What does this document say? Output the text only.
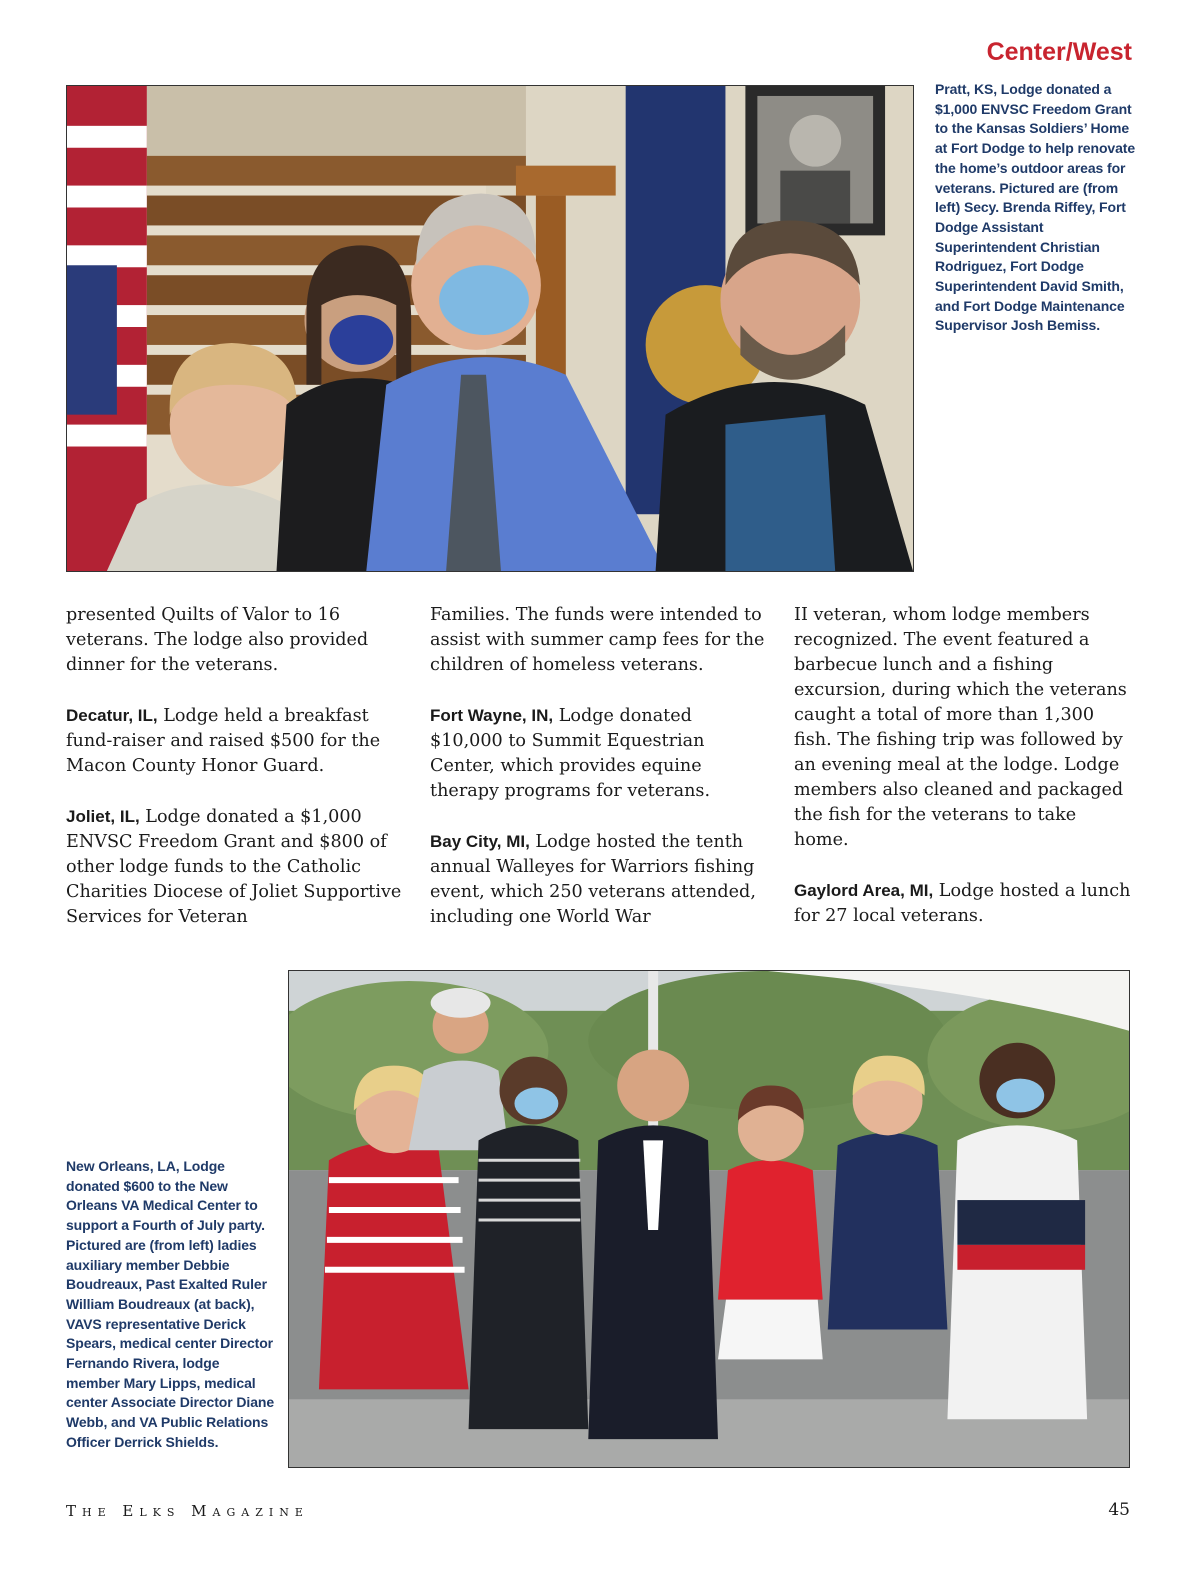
Center/West

Pratt, KS, Lodge donated a $1,000 ENVSC Freedom Grant to the Kansas Soldiers’ Home at Fort Dodge to help renovate the home’s outdoor areas for veterans. Pictured are (from left) Secy. Brenda Riffey, Fort Dodge Assistant Superintendent Christian Rodriguez, Fort Dodge Superintendent David Smith, and Fort Dodge Maintenance Supervisor Josh Bemiss.

presented Quilts of Valor to 16 veterans. The lodge also provided dinner for the veterans.

Decatur, IL, Lodge held a breakfast fund-raiser and raised $500 for the Macon County Honor Guard.

Joliet, IL, Lodge donated a $1,000 ENVSC Freedom Grant and $800 of other lodge funds to the Catholic Charities Diocese of Joliet Supportive Services for Veteran

Families. The funds were intended to assist with summer camp fees for the children of homeless veterans.

Fort Wayne, IN, Lodge donated $10,000 to Summit Equestrian Center, which provides equine therapy programs for veterans.

Bay City, MI, Lodge hosted the tenth annual Walleyes for Warriors fishing event, which 250 veterans attended, including one World War

II veteran, whom lodge members recognized. The event featured a barbecue lunch and a fishing excursion, during which the veterans caught a total of more than 1,300 fish. The fishing trip was followed by an evening meal at the lodge. Lodge members also cleaned and packaged the fish for the veterans to take home.

Gaylord Area, MI, Lodge hosted a lunch for 27 local veterans.

New Orleans, LA, Lodge donated $600 to the New Orleans VA Medical Center to support a Fourth of July party. Pictured are (from left) ladies auxiliary member Debbie Boudreaux, Past Exalted Ruler William Boudreaux (at back), VAVS representative Derick Spears, medical center Director Fernando Rivera, lodge member Mary Lipps, medical center Associate Director Diane Webb, and VA Public Relations Officer Derrick Shields.

The Elks Magazine	45
